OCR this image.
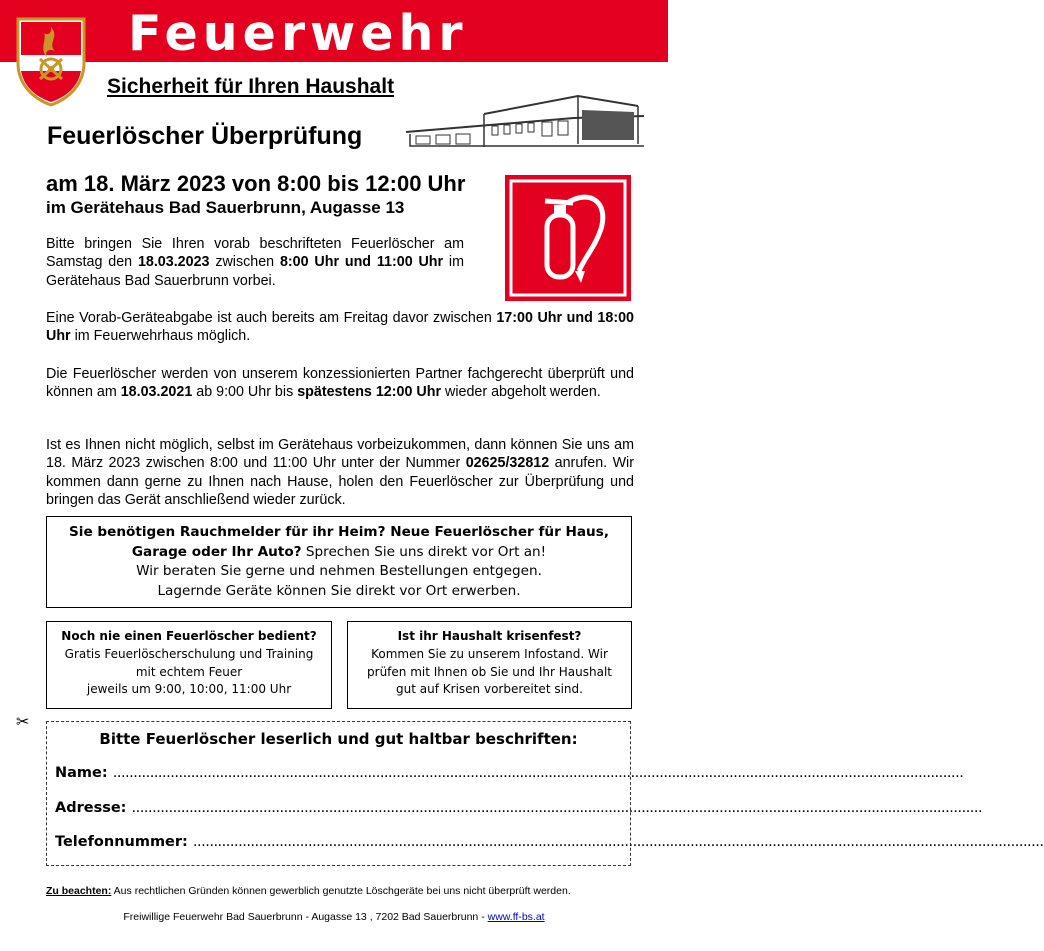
Feuerwehr
Sicherheit für Ihren Haushalt
Feuerlöscher Überprüfung
am 18. März 2023 von 8:00 bis 12:00 Uhr
im Gerätehaus Bad Sauerbrunn, Augasse 13

Bitte bringen Sie Ihren vorab beschrifteten Feuerlöscher am Samstag den 18.03.2023 zwischen 8:00 Uhr und 11:00 Uhr im Gerätehaus Bad Sauerbrunn vorbei.

Eine Vorab-Geräteabgabe ist auch bereits am Freitag davor zwischen 17:00 Uhr und 18:00 Uhr im Feuerwehrhaus möglich.

Die Feuerlöscher werden von unserem konzessionierten Partner fachgerecht überprüft und können am 18.03.2021 ab 9:00 Uhr bis spätestens 12:00 Uhr wieder abgeholt werden.

Ist es Ihnen nicht möglich, selbst im Gerätehaus vorbeizukommen, dann können Sie uns am 18. März 2023 zwischen 8:00 und 11:00 Uhr unter der Nummer 02625/32812 anrufen. Wir kommen dann gerne zu Ihnen nach Hause, holen den Feuerlöscher zur Überprüfung und bringen das Gerät anschließend wieder zurück.

Sie benötigen Rauchmelder für ihr Heim? Neue Feuerlöscher für Haus, Garage oder Ihr Auto? Sprechen Sie uns direkt vor Ort an!
Wir beraten Sie gerne und nehmen Bestellungen entgegen.
Lagernde Geräte können Sie direkt vor Ort erwerben.
Noch nie einen Feuerlöscher bedient?
Gratis Feuerlöscherschulung und Training
mit echtem Feuer
jeweils um 9:00, 10:00, 11:00 Uhr
Ist ihr Haushalt krisenfest?
Kommen Sie zu unserem Infostand. Wir
prüfen mit Ihnen ob Sie und Ihr Haushalt
gut auf Krisen vorbereitet sind.
✂
Bitte Feuerlöscher leserlich und gut haltbar beschriften:
Name: ...............................................................................................................................................................................................................
Adresse: ...............................................................................................................................................................................................................
Telefonnummer: ...............................................................................................................................................................................................................
Zu beachten: Aus rechtlichen Gründen können gewerblich genutzte Löschgeräte bei uns nicht überprüft werden.
Freiwillige Feuerwehr Bad Sauerbrunn - Augasse 13 , 7202 Bad Sauerbrunn - www.ff-bs.at
